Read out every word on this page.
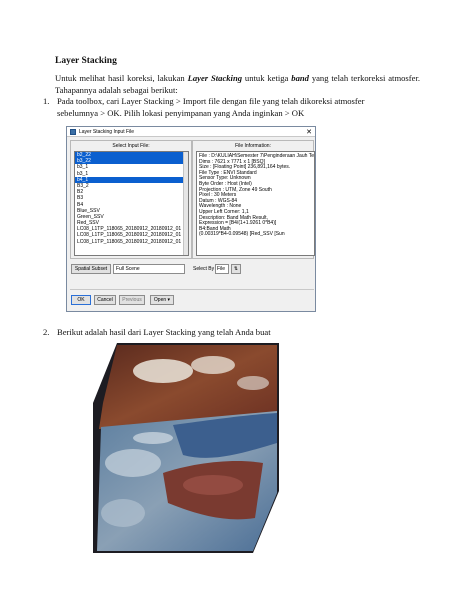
Layer Stacking

Untuk melihat hasil koreksi, lakukan Layer Stacking untuk ketiga band yang telah terkoreksi atmosfer. Tahapannya adalah sebagai berikut:

1. Pada toolbox, cari Layer Stacking > Import file dengan file yang telah dikoreksi atmosfer sebelumnya > OK. Pilih lokasi penyimpanan yang Anda inginkan > OK
Layer Stacking Input File	✕
Select Input File:
b2_22
b3_22
b3_1
b3_1
b4_1
B3_2
B2
B3
B4
Blue_SSV
Green_SSV
Red_SSV
LC08_L1TP_118065_20180912_20180912_01
LC08_L1TP_118065_20180912_20180912_01
LC08_L1TP_118065_20180912_20180912_01
File Information:
File : D:\KULIAH\Semester 7\Penginderaan Jauh Te
Dims : 7621 x 7771 x 1 [BSQ]
Size : [Floating Point] 236,891,164 bytes.
File Type : ENVI Standard
Sensor Type: Unknown
Byte Order : Host (Intel)
Projection : UTM, Zone 49 South
Pixel : 30 Meters
Datum : WGS-84
Wavelength : None
Upper Left Corner: 1,1
Description: Band Math Result,
Expression = [B4/(1+1.9261 0*B4)]
B4:Band Math
(0.00319*B4-0.09548) [Red_SSV [Sun
Spatial Subset	Full Scene	Select By File	⇅
OK	Cancel	Previous	Open ▾
2. Berikut adalah hasil dari Layer Stacking yang telah Anda buat
